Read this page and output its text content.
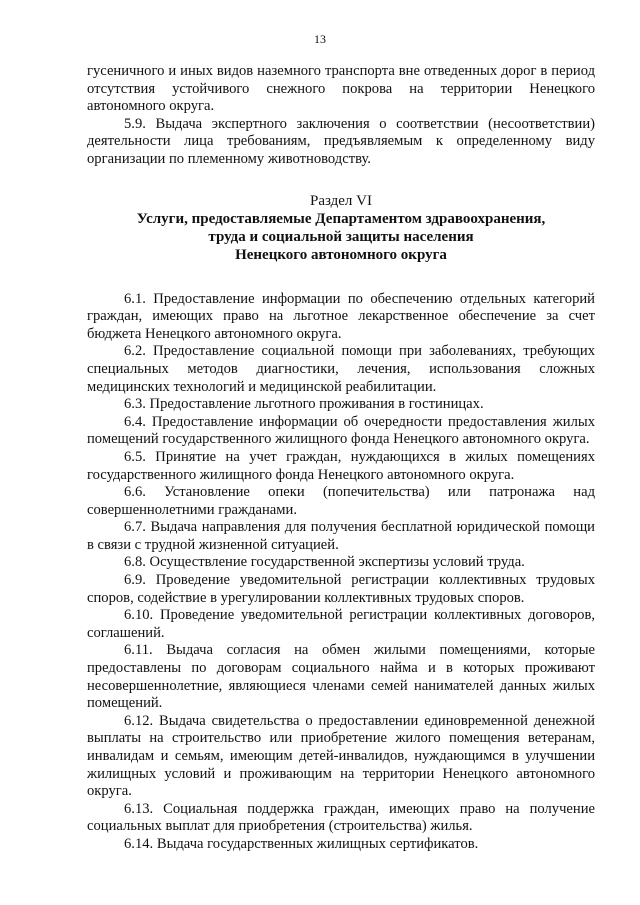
13

гусеничного и иных видов наземного транспорта вне отведенных дорог в период отсутствия устойчивого снежного покрова на территории Ненецкого автономного округа.

5.9. Выдача экспертного заключения о соответствии (несоответствии) деятельности лица требованиям, предъявляемым к определенному виду организации по племенному животноводству.

Раздел VI

Услуги, предоставляемые Департаментом здравоохранения,

труда и социальной защиты населения

Ненецкого автономного округа

6.1. Предоставление информации по обеспечению отдельных категорий граждан, имеющих право на льготное лекарственное обеспечение за счет бюджета Ненецкого автономного округа.

6.2. Предоставление социальной помощи при заболеваниях, требующих специальных методов диагностики, лечения, использования сложных медицинских технологий и медицинской реабилитации.

6.3. Предоставление льготного проживания в гостиницах.

6.4. Предоставление информации об очередности предоставления жилых помещений государственного жилищного фонда Ненецкого автономного округа.

6.5. Принятие на учет граждан, нуждающихся в жилых помещениях государственного жилищного фонда Ненецкого автономного округа.

6.6. Установление опеки (попечительства) или патронажа над совершеннолетними гражданами.

6.7. Выдача направления для получения бесплатной юридической помощи в связи с трудной жизненной ситуацией.

6.8. Осуществление государственной экспертизы условий труда.

6.9. Проведение уведомительной регистрации коллективных трудовых споров, содействие в урегулировании коллективных трудовых споров.

6.10. Проведение уведомительной регистрации коллективных договоров, соглашений.

6.11. Выдача согласия на обмен жилыми помещениями, которые предоставлены по договорам социального найма и в которых проживают несовершеннолетние, являющиеся членами семей нанимателей данных жилых помещений.

6.12. Выдача свидетельства о предоставлении единовременной денежной выплаты на строительство или приобретение жилого помещения ветеранам, инвалидам и семьям, имеющим детей-инвалидов, нуждающимся в улучшении жилищных условий и проживающим на территории Ненецкого автономного округа.

6.13. Социальная поддержка граждан, имеющих право на получение социальных выплат для приобретения (строительства) жилья.

6.14. Выдача государственных жилищных сертификатов.
